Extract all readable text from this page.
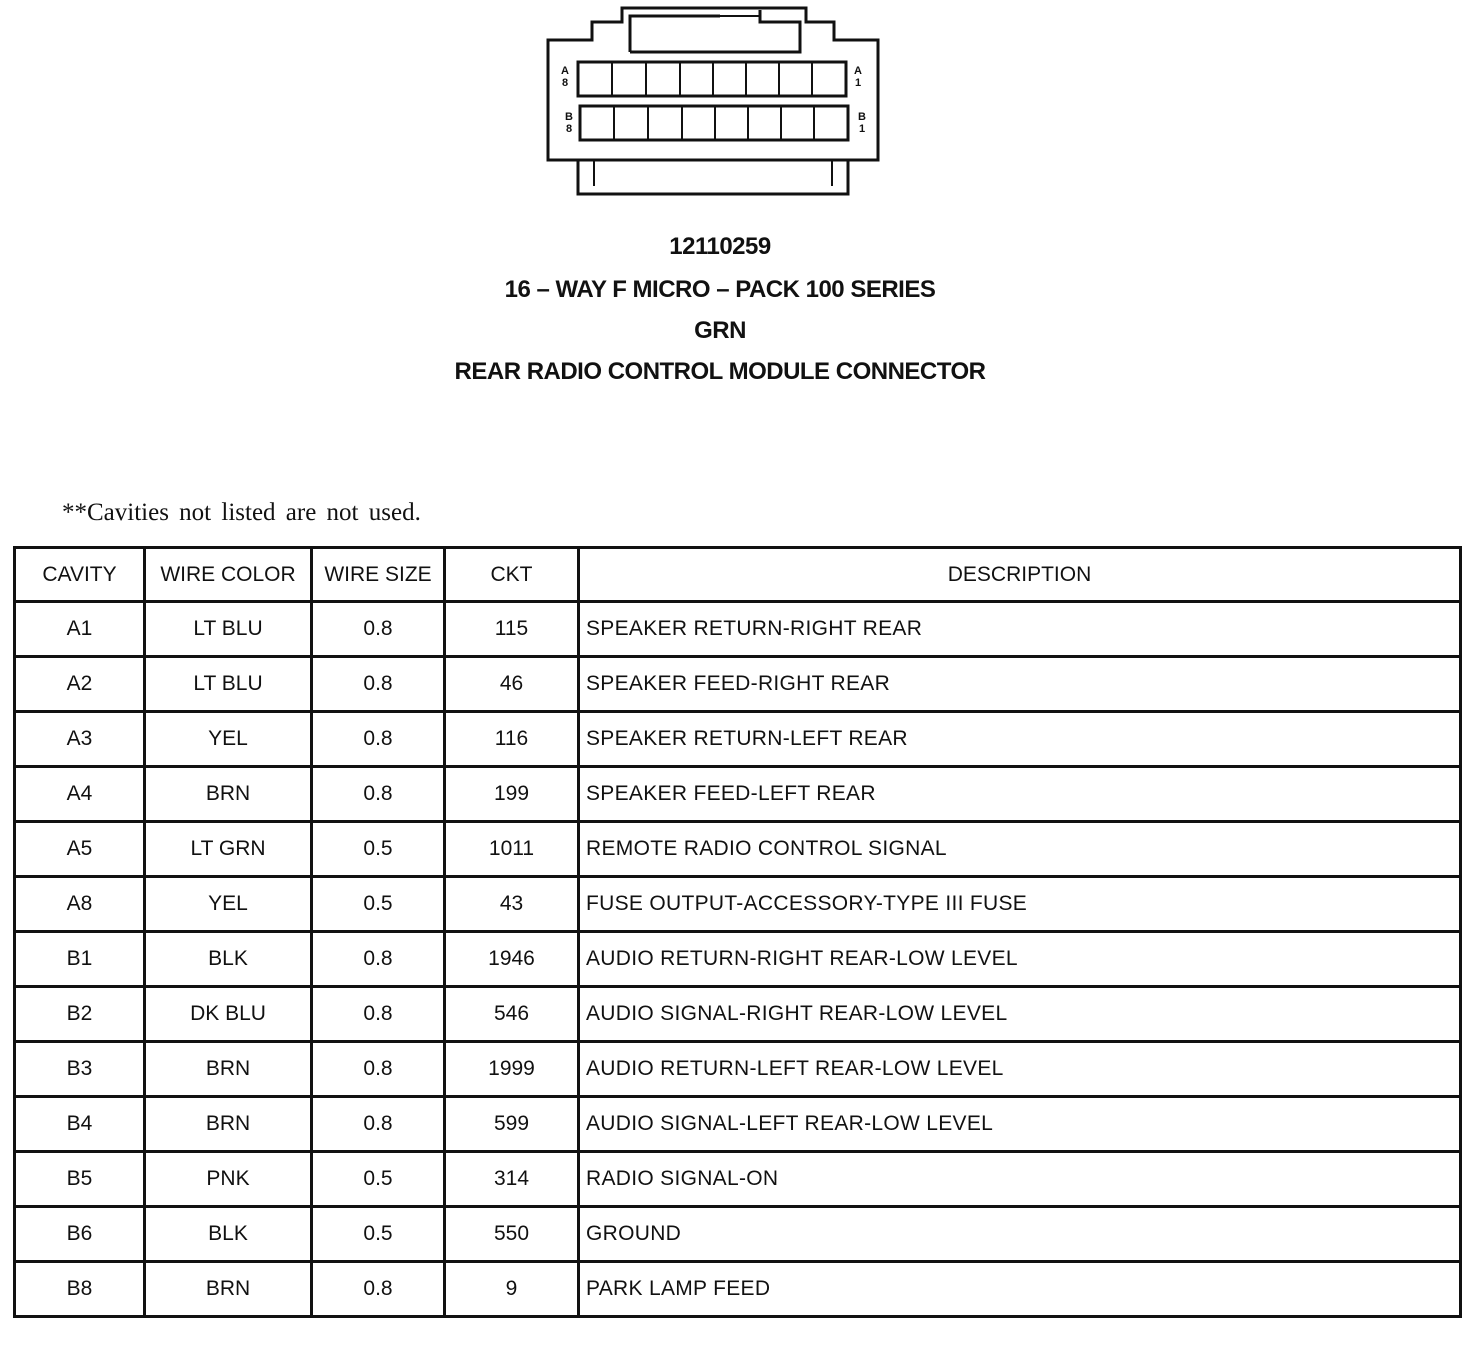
A 8
A 1
B 8
B 1
12110259
16 – WAY F MICRO – PACK 100 SERIES
GRN
REAR RADIO CONTROL MODULE CONNECTOR
**Cavities not listed are not used.
CAVITY	WIRE COLOR	WIRE SIZE	CKT	DESCRIPTION
A1	LT BLU	0.8	115	SPEAKER RETURN-RIGHT REAR
A2	LT BLU	0.8	46	SPEAKER FEED-RIGHT REAR
A3	YEL	0.8	116	SPEAKER RETURN-LEFT REAR
A4	BRN	0.8	199	SPEAKER FEED-LEFT REAR
A5	LT GRN	0.5	1011	REMOTE RADIO CONTROL SIGNAL
A8	YEL	0.5	43	FUSE OUTPUT-ACCESSORY-TYPE III FUSE
B1	BLK	0.8	1946	AUDIO RETURN-RIGHT REAR-LOW LEVEL
B2	DK BLU	0.8	546	AUDIO SIGNAL-RIGHT REAR-LOW LEVEL
B3	BRN	0.8	1999	AUDIO RETURN-LEFT REAR-LOW LEVEL
B4	BRN	0.8	599	AUDIO SIGNAL-LEFT REAR-LOW LEVEL
B5	PNK	0.5	314	RADIO SIGNAL-ON
B6	BLK	0.5	550	GROUND
B8	BRN	0.8	9	PARK LAMP FEED
